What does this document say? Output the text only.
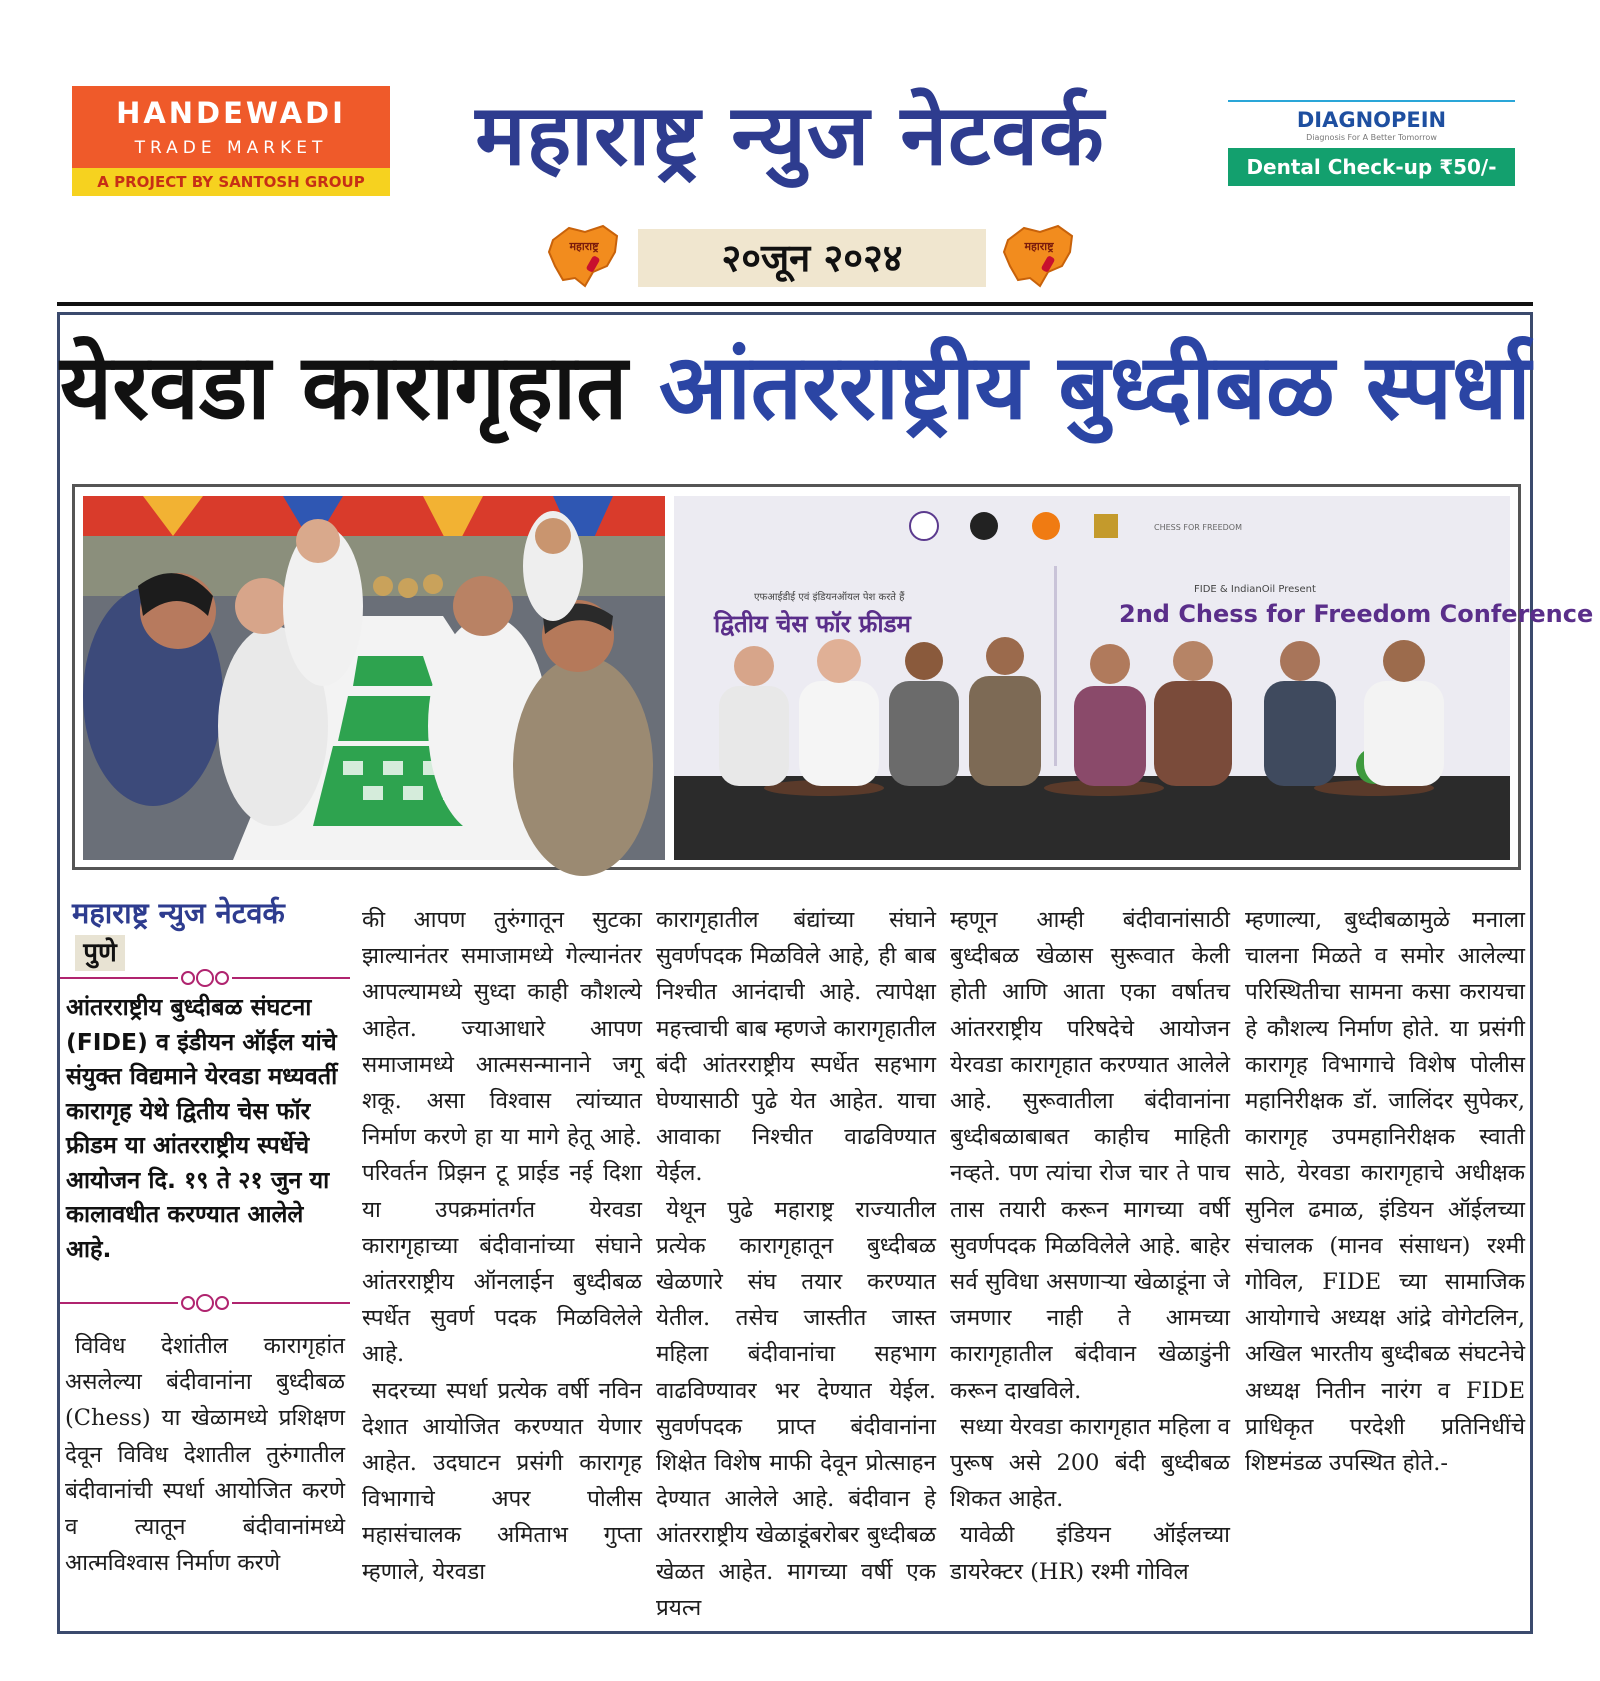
HANDEWADI
TRADE MARKET
A PROJECT BY SANTOSH GROUP	महाराष्ट्र न्युज नेटवर्क	DIAGNOPEIN
Diagnosis For A Better Tomorrow
Dental Check-up ₹50/-
महाराष्ट्र	२०जून २०२४	महाराष्ट्र
येरवडा कारागृहात आंतरराष्ट्रीय बुध्दीबळ स्पर्धा
CHESS FOR FREEDOM
एफआईडीई एवं इंडियनऑयल पेश करते हैं
द्वितीय चेस फॉर फ्रीडम
FIDE & IndianOil Present
2nd Chess for Freedom Conference
महाराष्ट्र न्युज नेटवर्क
पुणे
आंतरराष्ट्रीय बुध्दीबळ संघटना (FIDE) व इंडीयन ऑईल यांचे संयुक्त विद्यमाने येरवडा मध्यवर्ती कारागृह येथे द्वितीय चेस फॉर फ्रीडम या आंतरराष्ट्रीय स्पर्धेचे आयोजन दि. १९ ते २१ जुन या कालावधीत करण्यात आलेले आहे.

विविध देशांतील कारागृहांत असलेल्या बंदीवानांना बुध्दीबळ (Chess) या खेळामध्ये प्रशिक्षण देवून विविध देशातील तुरुंगातील बंदीवानांची स्पर्धा आयोजित करणे व त्यातून बंदीवानांमध्ये आत्मविश्वास निर्माण करणे

की आपण तुरुंगातून सुटका झाल्यानंतर समाजामध्ये गेल्यानंतर आपल्यामध्ये सुध्दा काही कौशल्ये आहेत. ज्याआधारे आपण समाजामध्ये आत्मसन्मानाने जगू शकू. असा विश्वास त्यांच्यात निर्माण करणे हा या मागे हेतू आहे. परिवर्तन प्रिझन टू प्राईड नई दिशा या उपक्रमांतर्गत येरवडा कारागृहाच्या बंदीवानांच्या संघाने आंतरराष्ट्रीय ऑनलाईन बुध्दीबळ स्पर्धेत सुवर्ण पदक मिळविलेले आहे.

सदरच्या स्पर्धा प्रत्येक वर्षी नविन देशात आयोजित करण्यात येणार आहेत. उदघाटन प्रसंगी कारागृह विभागाचे अपर पोलीस महासंचालक अमिताभ गुप्ता म्हणाले, येरवडा

कारागृहातील बंद्यांच्या संघाने सुवर्णपदक मिळविले आहे, ही बाब निश्चीत आनंदाची आहे. त्यापेक्षा महत्त्वाची बाब म्हणजे कारागृहातील बंदी आंतरराष्ट्रीय स्पर्धेत सहभाग घेण्यासाठी पुढे येत आहेत. याचा आवाका निश्चीत वाढविण्यात येईल.

येथून पुढे महाराष्ट्र राज्यातील प्रत्येक कारागृहातून बुध्दीबळ खेळणारे संघ तयार करण्यात येतील. तसेच जास्तीत जास्त महिला बंदीवानांचा सहभाग वाढविण्यावर भर देण्यात येईल. सुवर्णपदक प्राप्त बंदीवानांना शिक्षेत विशेष माफी देवून प्रोत्साहन देण्यात आलेले आहे. बंदीवान हे आंतरराष्ट्रीय खेळाडूंबरोबर बुध्दीबळ खेळत आहेत. मागच्या वर्षी एक प्रयत्न

म्हणून आम्ही बंदीवानांसाठी बुध्दीबळ खेळास सुरूवात केली होती आणि आता एका वर्षातच आंतरराष्ट्रीय परिषदेचे आयोजन येरवडा कारागृहात करण्यात आलेले आहे. सुरूवातीला बंदीवानांना बुध्दीबळाबाबत काहीच माहिती नव्हते. पण त्यांचा रोज चार ते पाच तास तयारी करून मागच्या वर्षी सुवर्णपदक मिळविलेले आहे. बाहेर सर्व सुविधा असणाऱ्या खेळाडूंना जे जमणार नाही ते आमच्या कारागृहातील बंदीवान खेळाडुंनी करून दाखविले.

सध्या येरवडा कारागृहात महिला व पुरूष असे 200 बंदी बुध्दीबळ शिकत आहेत.

यावेळी इंडियन ऑईलच्या डायरेक्टर (HR) रश्मी गोविल

म्हणाल्या, बुध्दीबळामुळे मनाला चालना मिळते व समोर आलेल्या परिस्थितीचा सामना कसा करायचा हे कौशल्य निर्माण होते. या प्रसंगी कारागृह विभागाचे विशेष पोलीस महानिरीक्षक डॉ. जालिंदर सुपेकर, कारागृह उपमहानिरीक्षक स्वाती साठे, येरवडा कारागृहाचे अधीक्षक सुनिल ढमाळ, इंडियन ऑईलच्या संचालक (मानव संसाधन) रश्मी गोविल, FIDE च्या सामाजिक आयोगाचे अध्यक्ष आंद्रे वोगेटलिन, अखिल भारतीय बुध्दीबळ संघटनेचे अध्यक्ष नितीन नारंग व FIDE प्राधिकृत परदेशी प्रतिनिधींचे शिष्टमंडळ उपस्थित होते.-
